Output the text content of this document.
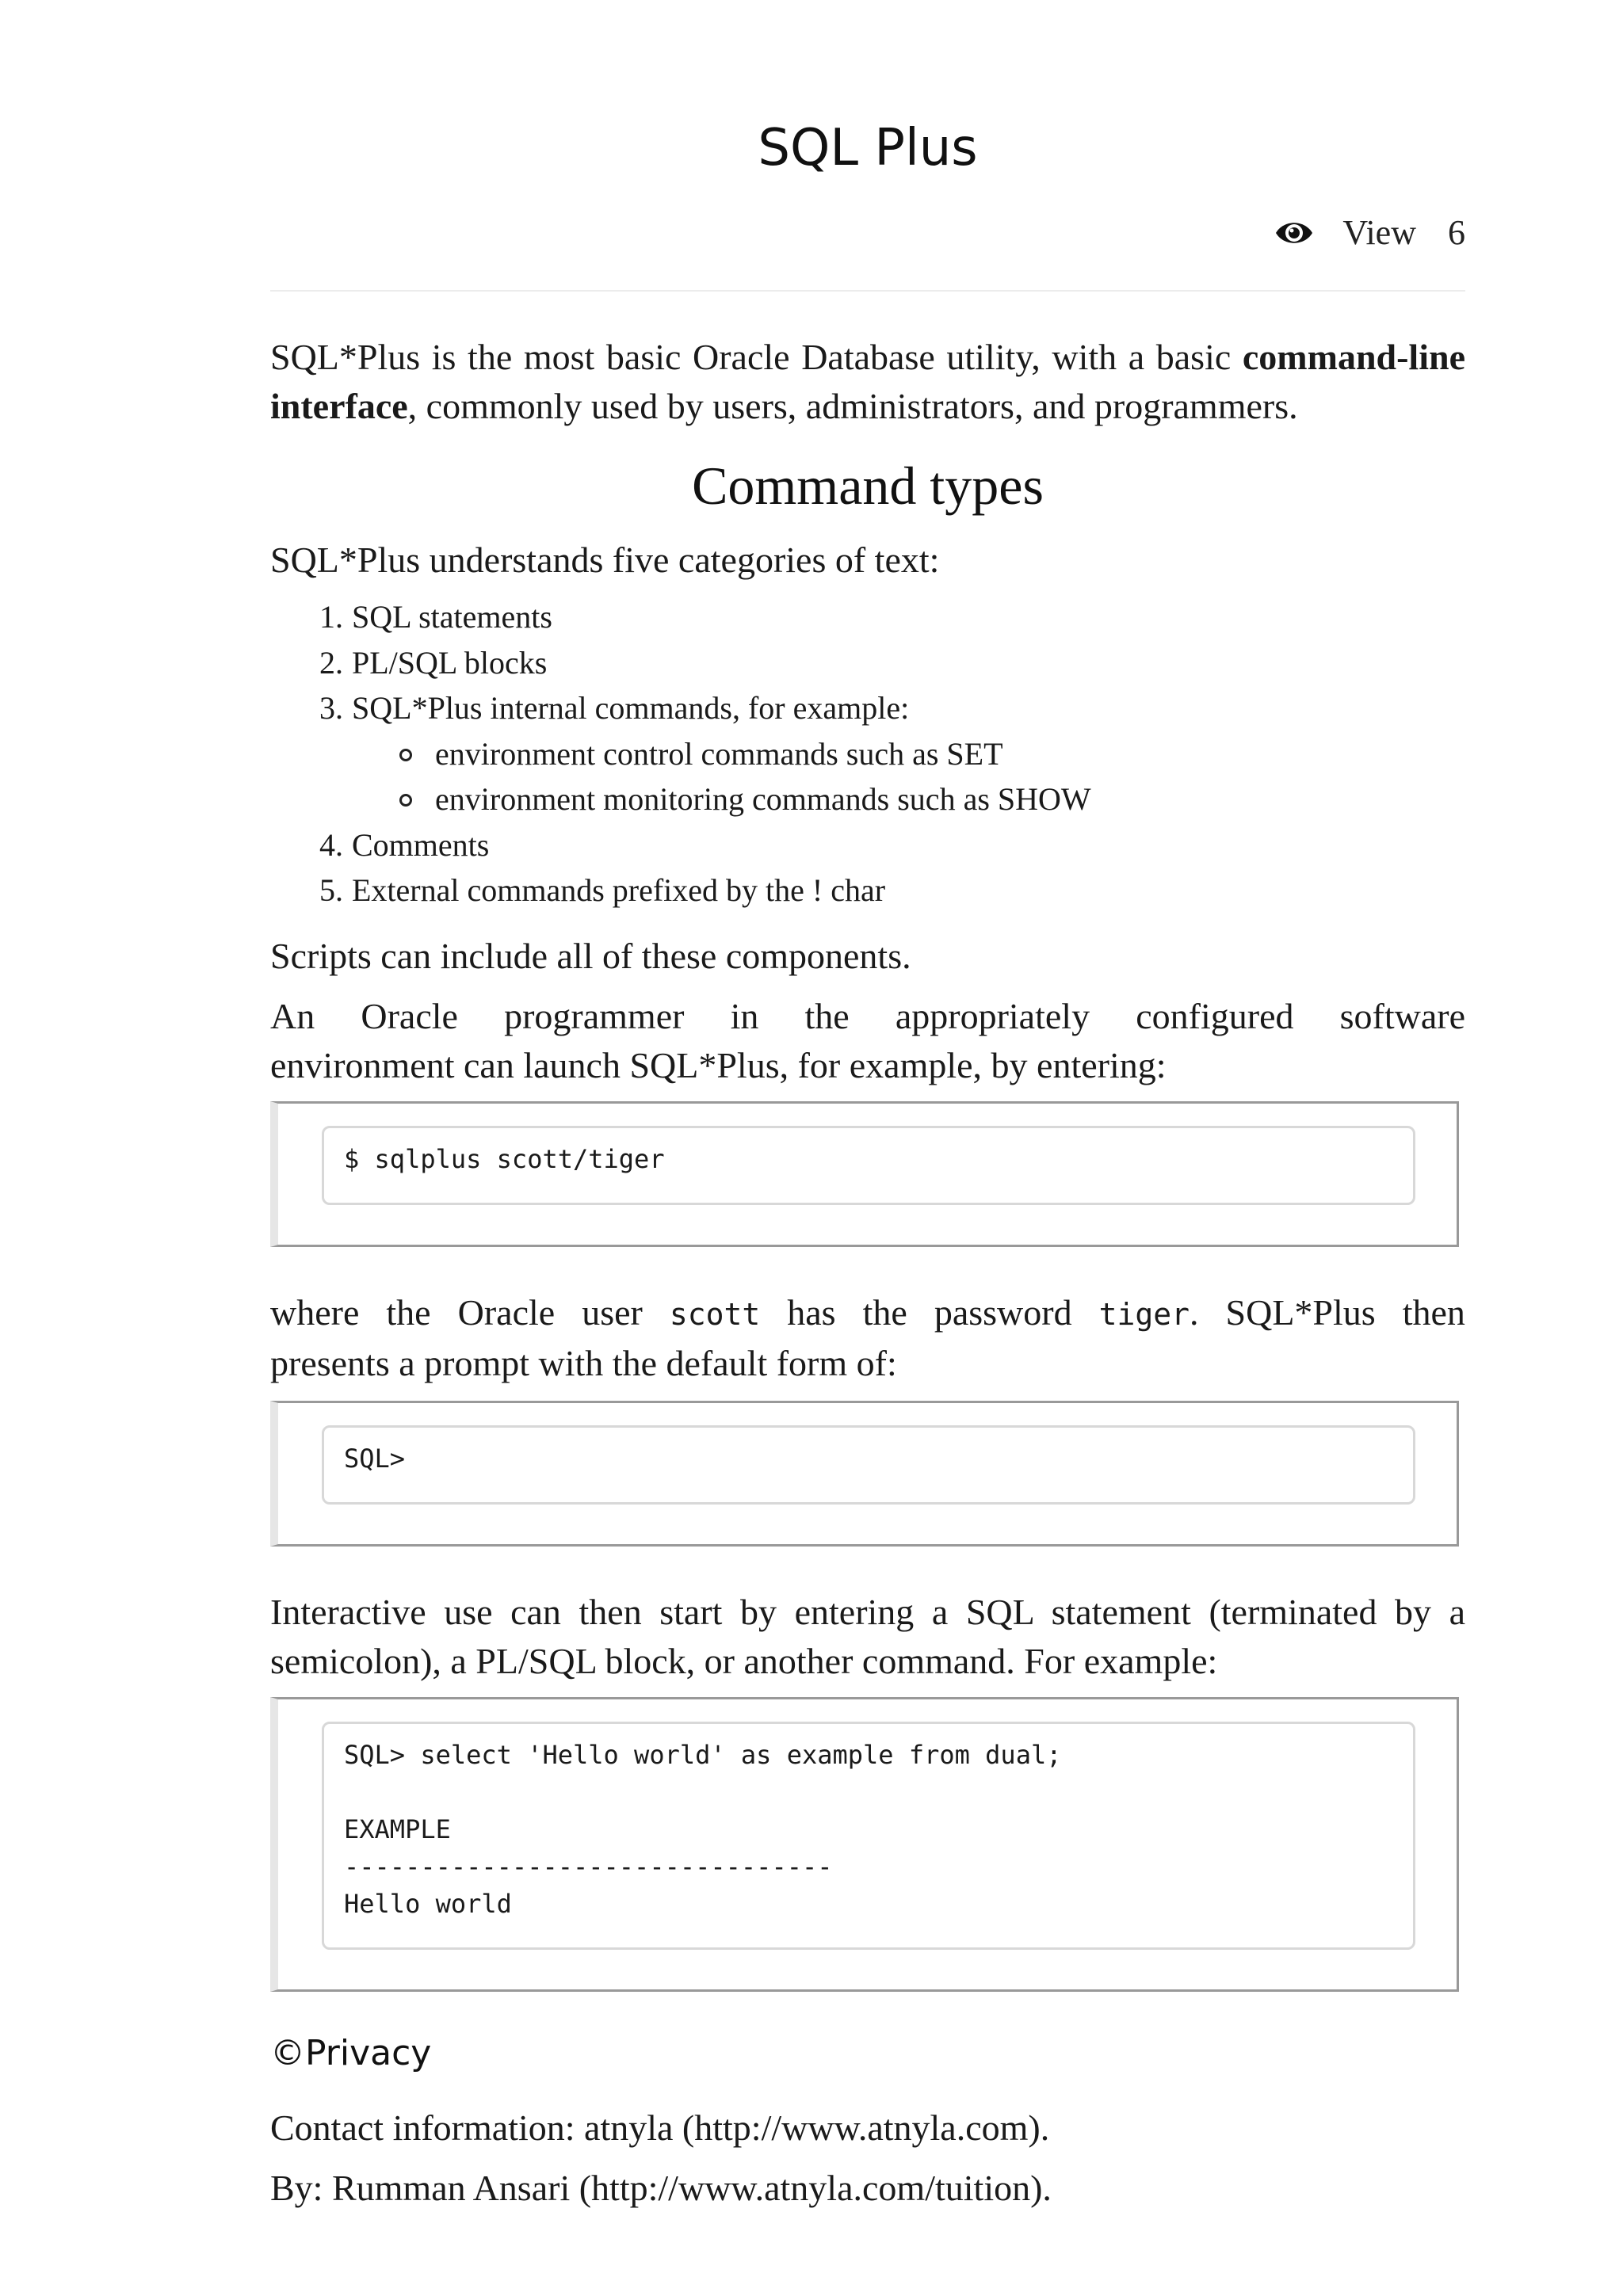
SQL Plus
View 6

SQL*Plus is the most basic Oracle Database utility, with a basic command-line interface, commonly used by users, administrators, and programmers.

Command types

SQL*Plus understands five categories of text:

1. SQL statements
2. PL/SQL blocks
3. SQL*Plus internal commands, for example:
environment control commands such as SET
environment monitoring commands such as SHOW
4. Comments
5. External commands prefixed by the ! char

Scripts can include all of these components.

An Oracle programmer in the appropriately configured software
environment can launch SQL*Plus, for example, by entering:

$ sqlplus scott/tiger
where the Oracle user scott has the password tiger. SQL*Plus then
presents a prompt with the default form of:
SQL>

Interactive use can then start by entering a SQL statement (terminated by a
semicolon), a PL/SQL block, or another command. For example:

SQL> select 'Hello world' as example from dual;

EXAMPLE
--------------------------------
Hello world

©Privacy

Contact information: atnyla (http://www.atnyla.com).

By: Rumman Ansari (http://www.atnyla.com/tuition).
